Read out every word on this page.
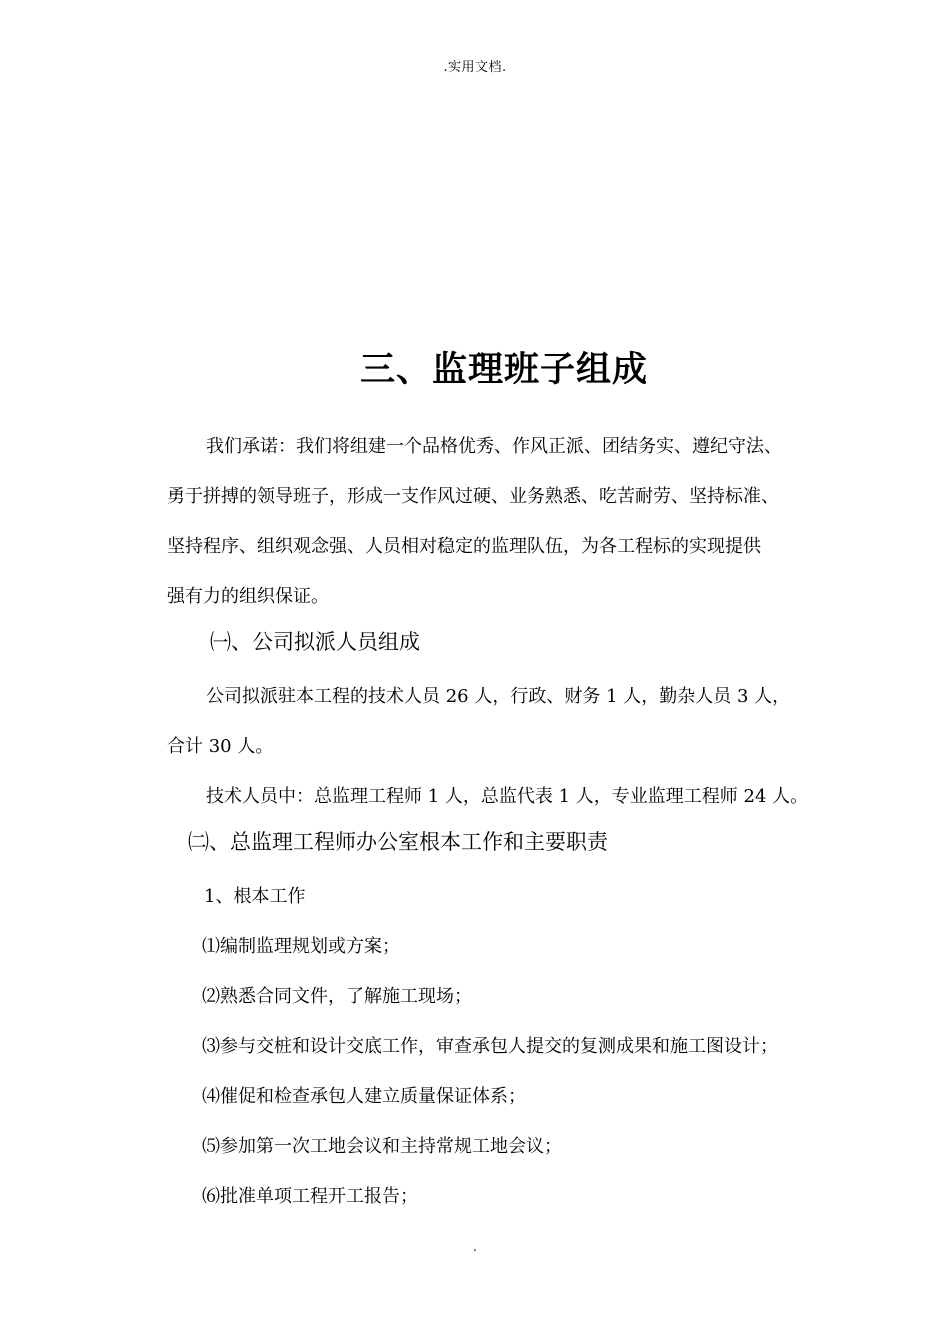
.实用文档.
三、监理班子组成
我们承诺：我们将组建一个品格优秀、作风正派、团结务实、遵纪守法、
勇于拼搏的领导班子，形成一支作风过硬、业务熟悉、吃苦耐劳、坚持标准、
坚持程序、组织观念强、人员相对稳定的监理队伍，为各工程标的实现提供
强有力的组织保证。
㈠、公司拟派人员组成
公司拟派驻本工程的技术人员 26 人，行政、财务 1 人，勤杂人员 3 人，
合计 30 人。
技术人员中：总监理工程师 1 人，总监代表 1 人，专业监理工程师 24 人。
㈡、总监理工程师办公室根本工作和主要职责
1、根本工作
⑴编制监理规划或方案；
⑵熟悉合同文件，了解施工现场；
⑶参与交桩和设计交底工作，审查承包人提交的复测成果和施工图设计；
⑷催促和检查承包人建立质量保证体系；
⑸参加第一次工地会议和主持常规工地会议；
⑹批准单项工程开工报告；
.
